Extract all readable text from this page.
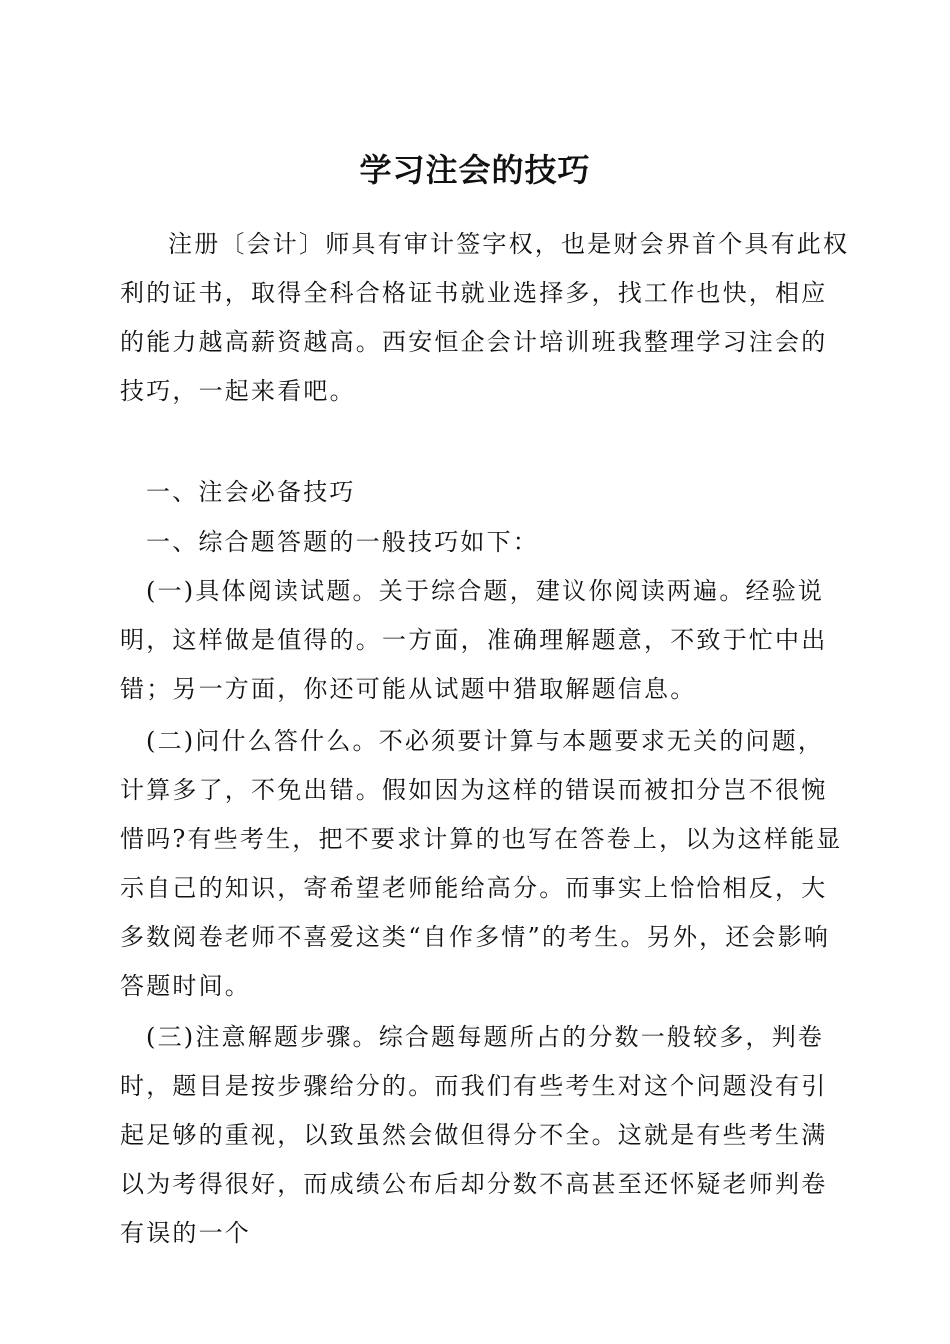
学习注会的技巧

注册〔会计〕师具有审计签字权，也是财会界首个具有此权利的证书，取得全科合格证书就业选择多，找工作也快，相应的能力越高薪资越高。西安恒企会计培训班我整理学习注会的技巧，一起来看吧。

一、注会必备技巧

一、综合题答题的一般技巧如下：

(一)具体阅读试题。关于综合题，建议你阅读两遍。经验说明，这样做是值得的。一方面，准确理解题意，不致于忙中出错；另一方面，你还可能从试题中猎取解题信息。

(二)问什么答什么。不必须要计算与本题要求无关的问题，计算多了，不免出错。假如因为这样的错误而被扣分岂不很惋惜吗?有些考生，把不要求计算的也写在答卷上，以为这样能显示自己的知识，寄希望老师能给高分。而事实上恰恰相反，大多数阅卷老师不喜爱这类“自作多情”的考生。另外，还会影响答题时间。

(三)注意解题步骤。综合题每题所占的分数一般较多，判卷时，题目是按步骤给分的。而我们有些考生对这个问题没有引起足够的重视，以致虽然会做但得分不全。这就是有些考生满以为考得很好，而成绩公布后却分数不高甚至还怀疑老师判卷有误的一个
